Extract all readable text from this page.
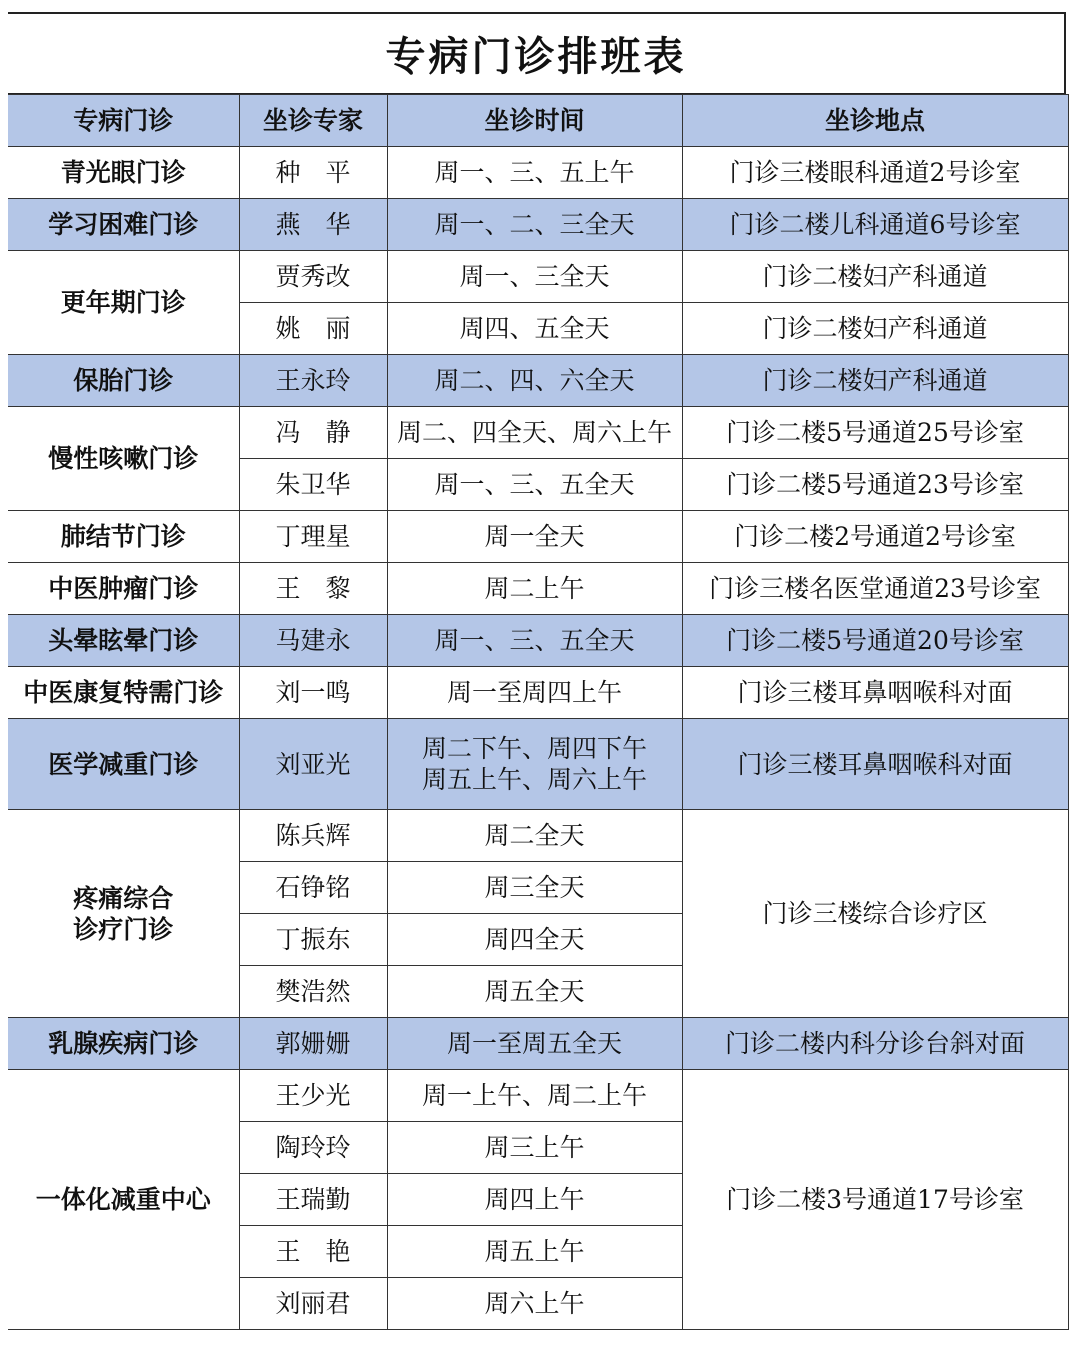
专病门诊排班表
专病门诊	坐诊专家	坐诊时间	坐诊地点
青光眼门诊	种　平	周一、三、五上午	门诊三楼眼科通道2号诊室
学习困难门诊	燕　华	周一、二、三全天	门诊二楼儿科通道6号诊室
更年期门诊	贾秀改	周一、三全天	门诊二楼妇产科通道
	姚　丽	周四、五全天	门诊二楼妇产科通道
保胎门诊	王永玲	周二、四、六全天	门诊二楼妇产科通道
慢性咳嗽门诊	冯　静	周二、四全天、周六上午	门诊二楼5号通道25号诊室
	朱卫华	周一、三、五全天	门诊二楼5号通道23号诊室
肺结节门诊	丁理星	周一全天	门诊二楼2号通道2号诊室
中医肿瘤门诊	王　黎	周二上午	门诊三楼名医堂通道23号诊室
头晕眩晕门诊	马建永	周一、三、五全天	门诊二楼5号通道20号诊室
中医康复特需门诊	刘一鸣	周一至周四上午	门诊三楼耳鼻咽喉科对面
医学减重门诊	刘亚光	周二下午、周四下午
周五上午、周六上午	门诊三楼耳鼻咽喉科对面

疼痛综合
诊疗门诊	陈兵辉	周二全天	门诊三楼综合诊疗区
	石铮铭	周三全天	
	丁振东	周四全天	
	樊浩然	周五全天	
乳腺疾病门诊	郭姗姗	周一至周五全天	门诊二楼内科分诊台斜对面
一体化减重中心	王少光	周一上午、周二上午	门诊二楼3号通道17号诊室
	陶玲玲	周三上午	
	王瑞勤	周四上午	
	王　艳	周五上午	
	刘丽君	周六上午	
